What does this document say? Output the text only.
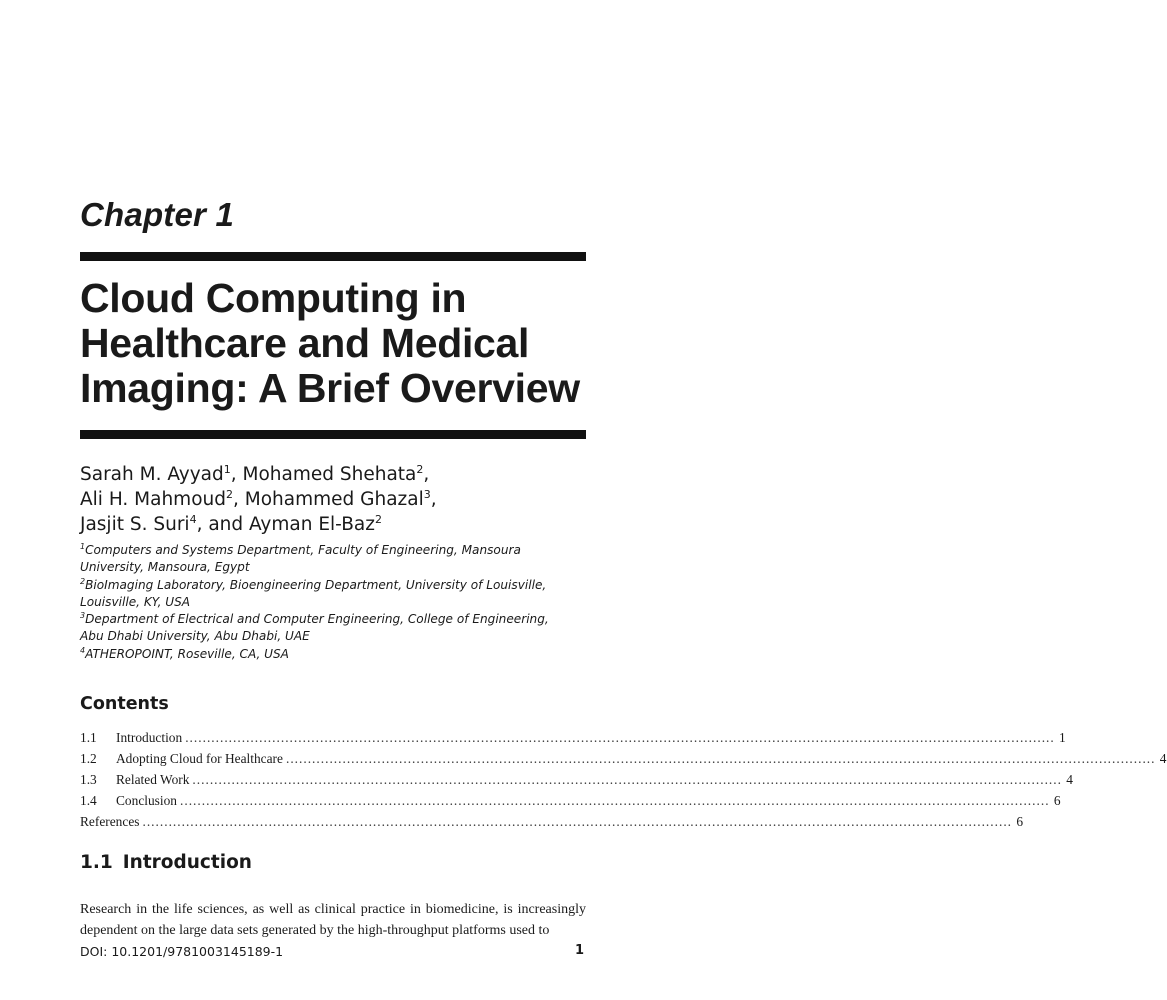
Chapter 1
Cloud Computing in
Healthcare and Medical
Imaging: A Brief Overview
Sarah M. Ayyad$^1$, Mohamed Shehata$^2$,
Ali H. Mahmoud$^2$, Mohammed Ghazal$^3$,
Jasjit S. Suri$^4$, and Ayman El-Baz$^2$
$^1$Computers and Systems Department, Faculty of Engineering, Mansoura
University, Mansoura, Egypt
$^2$BioImaging Laboratory, Bioengineering Department, University of Louisville,
Louisville, KY, USA
$^3$Department of Electrical and Computer Engineering, College of Engineering,
Abu Dhabi University, Abu Dhabi, UAE
$^4$ATHEROPOINT, Roseville, CA, USA
Contents
1.1	Introduction ........................................................................................................................................................................................................ 1
1.2	Adopting Cloud for Healthcare ........................................................................................................................................................................................................ 4
1.3	Related Work ........................................................................................................................................................................................................ 4
1.4	Conclusion ........................................................................................................................................................................................................ 6
References ........................................................................................................................................................................................................ 6
1.1 Introduction

Research in the life sciences, as well as clinical practice in biomedicine, is increasingly dependent on the large data sets generated by the high-throughput platforms used to

DOI: 10.1201/9781003145189-1	1
